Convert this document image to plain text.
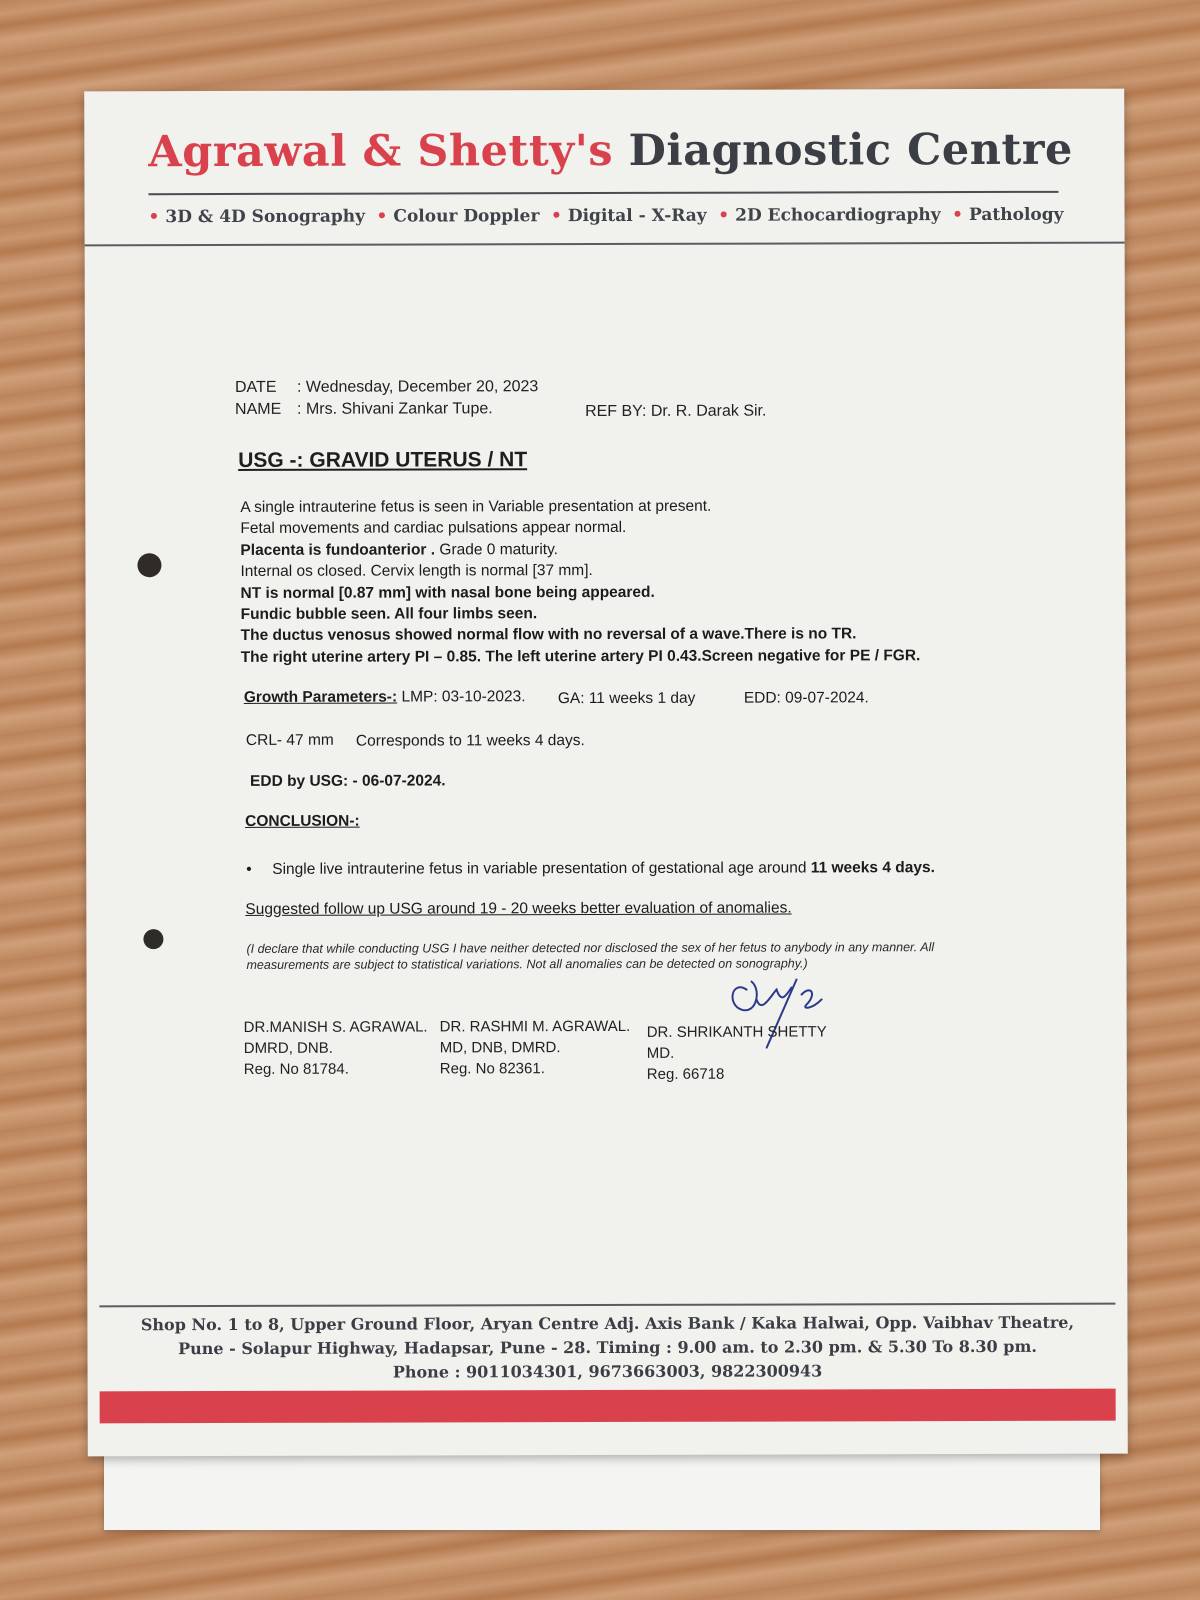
Agrawal & Shetty's Diagnostic Centre
• 3D & 4D Sonography • Colour Doppler • Digital - X-Ray • 2D Echocardiography • Pathology
DATE : Wednesday, December 20, 2023
NAME : Mrs. Shivani Zankar Tupe.	REF BY: Dr. R. Darak Sir.
USG -: GRAVID UTERUS / NT
A single intrauterine fetus is seen in Variable presentation at present.
Fetal movements and cardiac pulsations appear normal.
Placenta is fundoanterior . Grade 0 maturity.
Internal os closed. Cervix length is normal [37 mm].
NT is normal [0.87 mm] with nasal bone being appeared.
Fundic bubble seen. All four limbs seen.
The ductus venosus showed normal flow with no reversal of a wave.There is no TR.
The right uterine artery PI – 0.85. The left uterine artery PI 0.43.Screen negative for PE / FGR.
Growth Parameters-: LMP: 03-10-2023. GA: 11 weeks 1 day	EDD: 09-07-2024.
CRL- 47 mm Corresponds to 11 weeks 4 days.
EDD by USG: - 06-07-2024.
CONCLUSION-:
• Single live intrauterine fetus in variable presentation of gestational age around 11 weeks 4 days.
Suggested follow up USG around 19 - 20 weeks better evaluation of anomalies.
(I declare that while conducting USG I have neither detected nor disclosed the sex of her fetus to anybody in any manner. All measurements are subject to statistical variations. Not all anomalies can be detected on sonography.)
DR.MANISH S. AGRAWAL.
DMRD, DNB.
Reg. No 81784.
DR. RASHMI M. AGRAWAL.
MD, DNB, DMRD.
Reg. No 82361.
DR. SHRIKANTH SHETTY
MD.
Reg. 66718
Shop No. 1 to 8, Upper Ground Floor, Aryan Centre Adj. Axis Bank / Kaka Halwai, Opp. Vaibhav Theatre,
Pune - Solapur Highway, Hadapsar, Pune - 28. Timing : 9.00 am. to 2.30 pm. & 5.30 To 8.30 pm.
Phone : 9011034301, 9673663003, 9822300943
